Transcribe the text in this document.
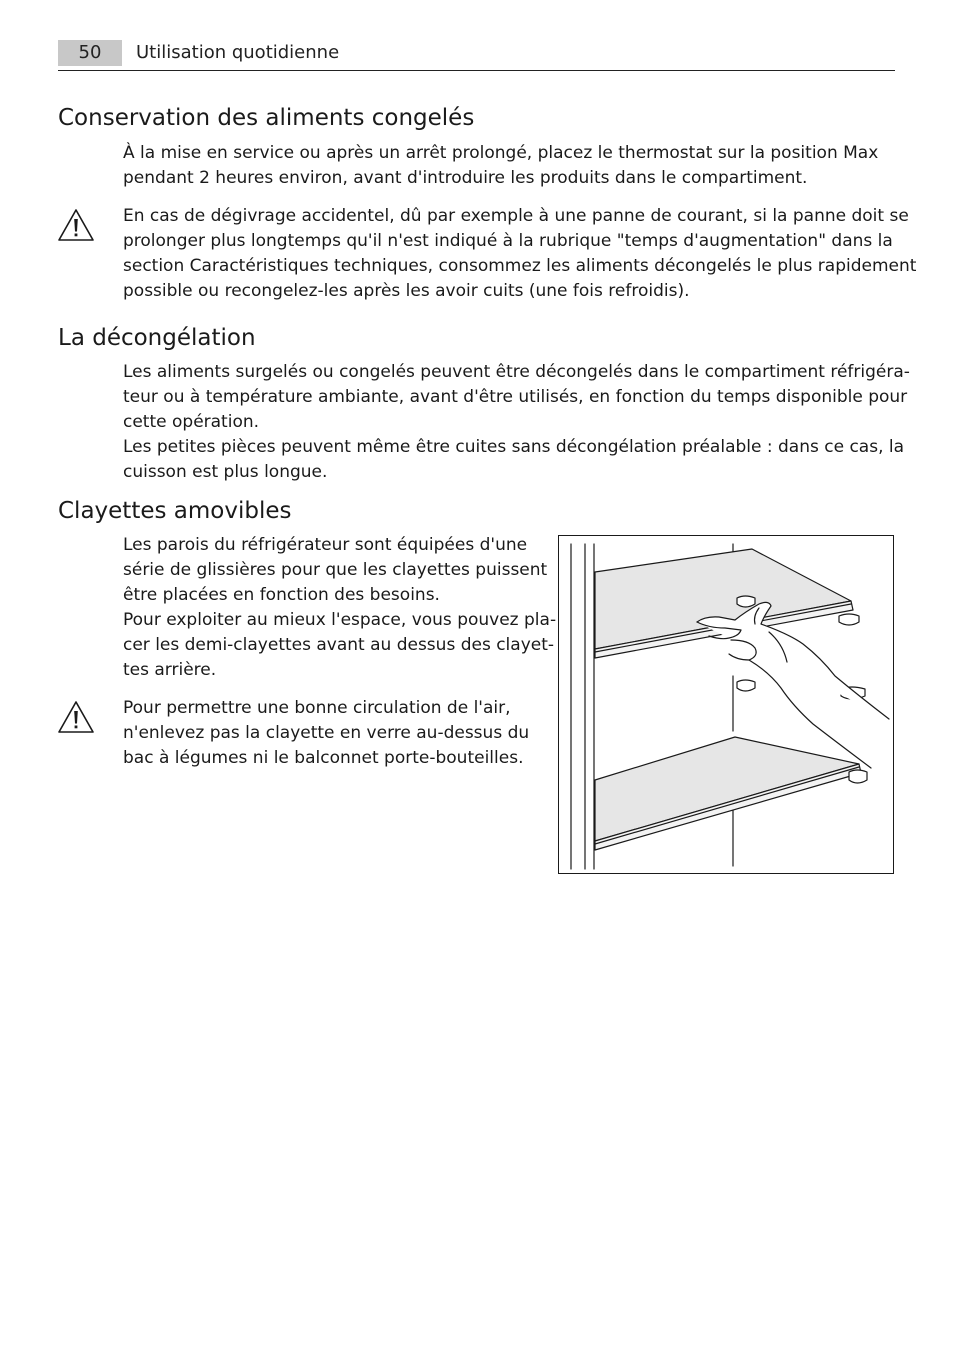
50	Utilisation quotidienne
Conservation des aliments congelés

À la mise en service ou après un arrêt prolongé, placez le thermostat sur la position Max
pendant 2 heures environ, avant d'introduire les produits dans le compartiment.

En cas de dégivrage accidentel, dû par exemple à une panne de courant, si la panne doit se
prolonger plus longtemps qu'il n'est indiqué à la rubrique "temps d'augmentation" dans la
section Caractéristiques techniques, consommez les aliments décongelés le plus rapidement
possible ou recongelez-les après les avoir cuits (une fois refroidis).

La décongélation

Les aliments surgelés ou congelés peuvent être décongelés dans le compartiment réfrigéra-
teur ou à température ambiante, avant d'être utilisés, en fonction du temps disponible pour
cette opération.
Les petites pièces peuvent même être cuites sans décongélation préalable : dans ce cas, la
cuisson est plus longue.

Clayettes amovibles

Les parois du réfrigérateur sont équipées d'une
série de glissières pour que les clayettes puissent
être placées en fonction des besoins.
Pour exploiter au mieux l'espace, vous pouvez pla-
cer les demi-clayettes avant au dessus des clayet-
tes arrière.

Pour permettre une bonne circulation de l'air,
n'enlevez pas la clayette en verre au-dessus du
bac à légumes ni le balconnet porte-bouteilles.
